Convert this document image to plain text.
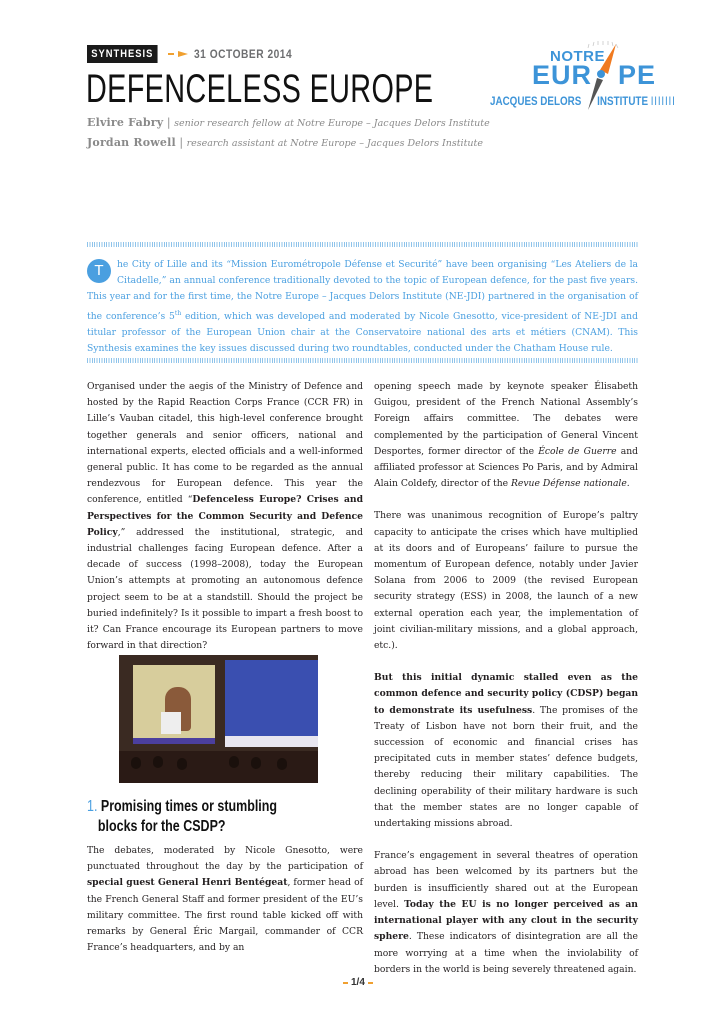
SYNTHESIS	31 OCTOBER 2014
DEFENCELESS EUROPE
Elvire Fabry | senior research fellow at Notre Europe – Jacques Delors Institute
Jordan Rowell | research assistant at Notre Europe – Jacques Delors Institute
NOTRE
EUR PE
JACQUES DELORS INSTITUTE IIIIIII
T	he City of Lille and its “Mission Eurométropole Défense et Securité” have been organising “Les Ateliers de la Citadelle,” an annual conference traditionally devoted to the topic of European defence, for the past five years. This year and for the first time, the Notre Europe – Jacques Delors Institute (NE-JDI) partnered in the organisation of the conference’s 5th edition, which was developed and moderated by Nicole Gnesotto, vice-president of NE-JDI and titular professor of the European Union chair at the Conservatoire national des arts et métiers (CNAM). This Synthesis examines the key issues discussed during two roundtables, conducted under the Chatham House rule.

Organised under the aegis of the Ministry of Defence and hosted by the Rapid Reaction Corps France (CCR FR) in Lille’s Vauban citadel, this high-level conference brought together generals and senior officers, national and international experts, elected officials and a well-informed general public. It has come to be regarded as the annual rendezvous for European defence. This year the conference, entitled “Defenceless Europe? Crises and Perspectives for the Common Security and Defence Policy,” addressed the institutional, strategic, and industrial challenges facing European defence. After a decade of success (1998–2008), today the European Union’s attempts at promoting an autonomous defence project seem to be at a standstill. Should the project be buried indefinitely? Is it possible to impart a fresh boost to it? Can France encourage its European partners to move forward in that direction?

1. Promising times or stumbling
blocks for the CSDP?

The debates, moderated by Nicole Gnesotto, were punctuated throughout the day by the participation of special guest General Henri Bentégeat, former head of the French General Staff and former president of the EU’s military committee. The first round table kicked off with remarks by General Éric Margail, commander of CCR France’s headquarters, and by an

opening speech made by keynote speaker Élisabeth Guigou, president of the French National Assembly’s Foreign affairs committee. The debates were complemented by the participation of General Vincent Desportes, former director of the École de Guerre and affiliated professor at Sciences Po Paris, and by Admiral Alain Coldefy, director of the Revue Défense nationale.

There was unanimous recognition of Europe’s paltry capacity to anticipate the crises which have multiplied at its doors and of Europeans’ failure to pursue the momentum of European defence, notably under Javier Solana from 2006 to 2009 (the revised European security strategy (ESS) in 2008, the launch of a new external operation each year, the implementation of joint civilian-military missions, and a global approach, etc.).

But this initial dynamic stalled even as the common defence and security policy (CDSP) began to demonstrate its usefulness. The promises of the Treaty of Lisbon have not born their fruit, and the succession of economic and financial crises has precipitated cuts in member states’ defence budgets, thereby reducing their military capabilities. The declining operability of their military hardware is such that the member states are no longer capable of undertaking missions abroad.

France’s engagement in several theatres of operation abroad has been welcomed by its partners but the burden is insufficiently shared out at the European level. Today the EU is no longer perceived as an international player with any clout in the security sphere. These indicators of disintegration are all the more worrying at a time when the inviolability of borders in the world is being severely threatened again.

1/4
